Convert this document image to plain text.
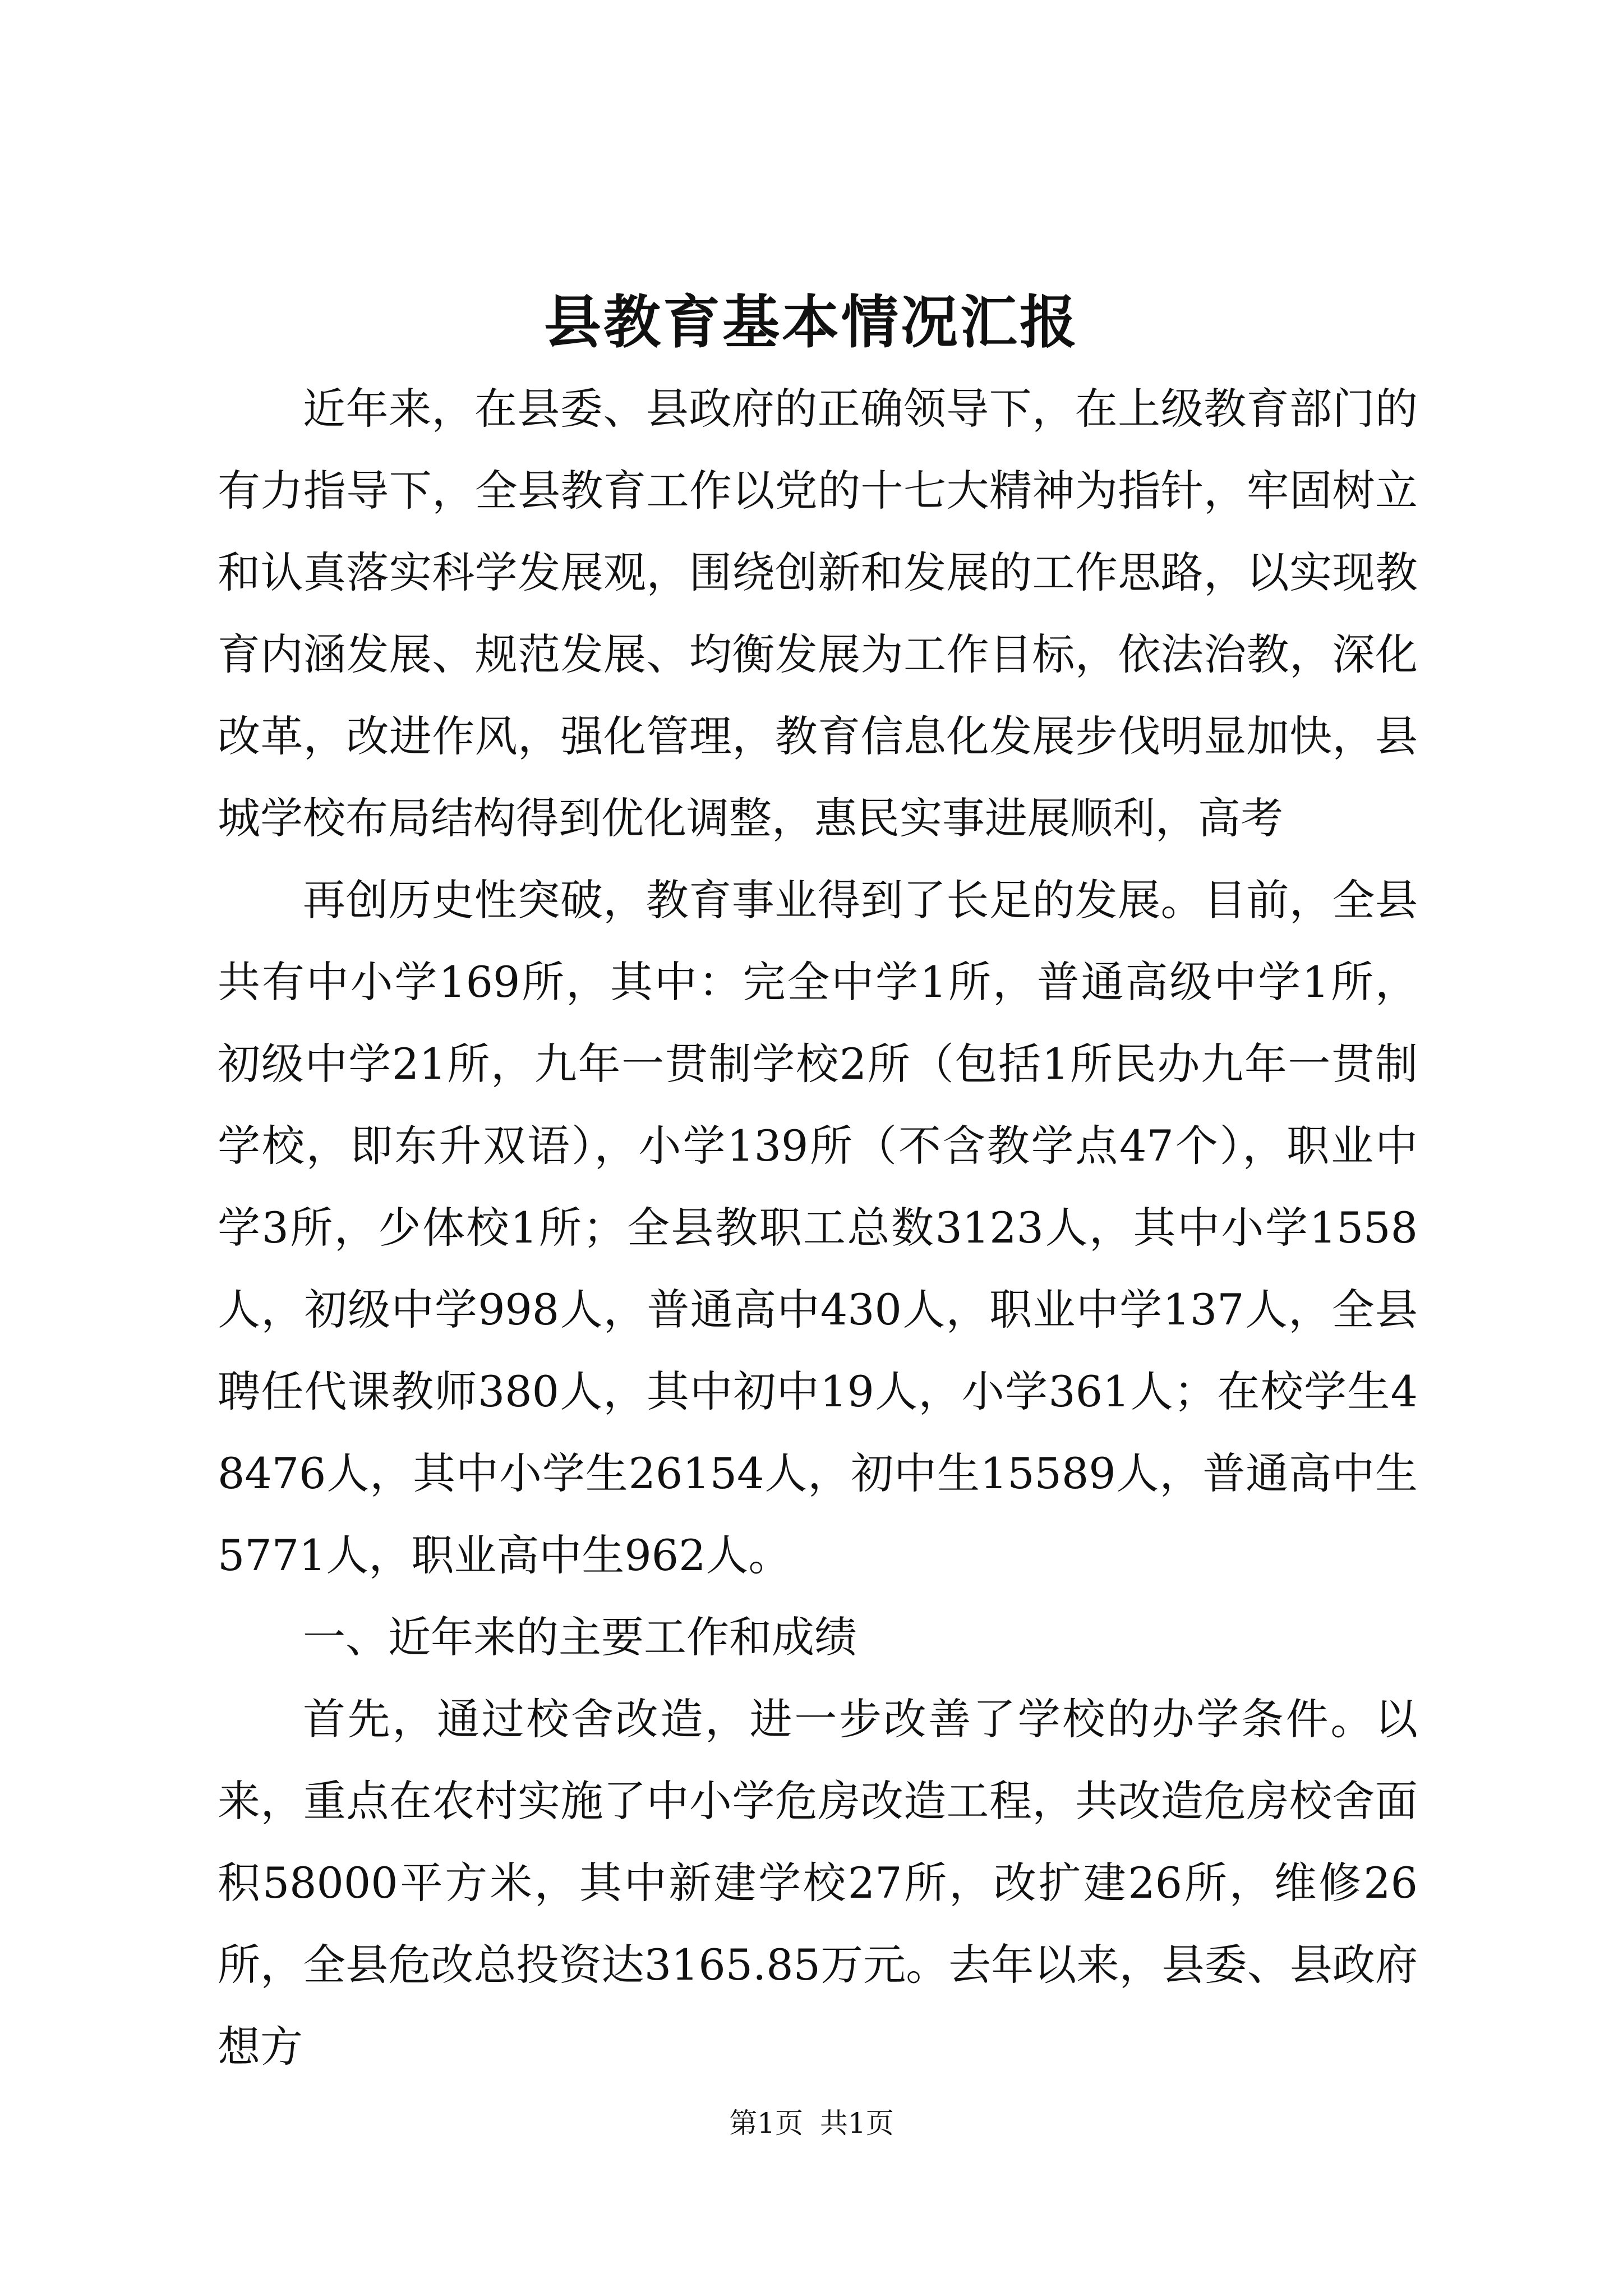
县教育基本情况汇报

近年来，在县委、县政府的正确领导下，在上级教育部门的有力指导下，全县教育工作以党的十七大精神为指针，牢固树立和认真落实科学发展观，围绕创新和发展的工作思路，以实现教育内涵发展、规范发展、均衡发展为工作目标，依法治教，深化改革，改进作风，强化管理，教育信息化发展步伐明显加快，县城学校布局结构得到优化调整，惠民实事进展顺利，高考

再创历史性突破，教育事业得到了长足的发展。目前，全县共有中小学169所，其中：完全中学1所，普通高级中学1所，初级中学21所，九年一贯制学校2所（包括1所民办九年一贯制学校，即东升双语），小学139所（不含教学点47个），职业中学3所，少体校1所；全县教职工总数3123人，其中小学1558人，初级中学998人，普通高中430人，职业中学137人，全县聘任代课教师380人，其中初中19人，小学361人；在校学生48476人，其中小学生26154人，初中生15589人，普通高中生5771人，职业高中生962人。

一、近年来的主要工作和成绩

首先，通过校舍改造，进一步改善了学校的办学条件。以来，重点在农村实施了中小学危房改造工程，共改造危房校舍面积58000平方米，其中新建学校27所，改扩建26所，维修26所，全县危改总投资达3165.85万元。去年以来，县委、县政府想方

第1页 共1页
